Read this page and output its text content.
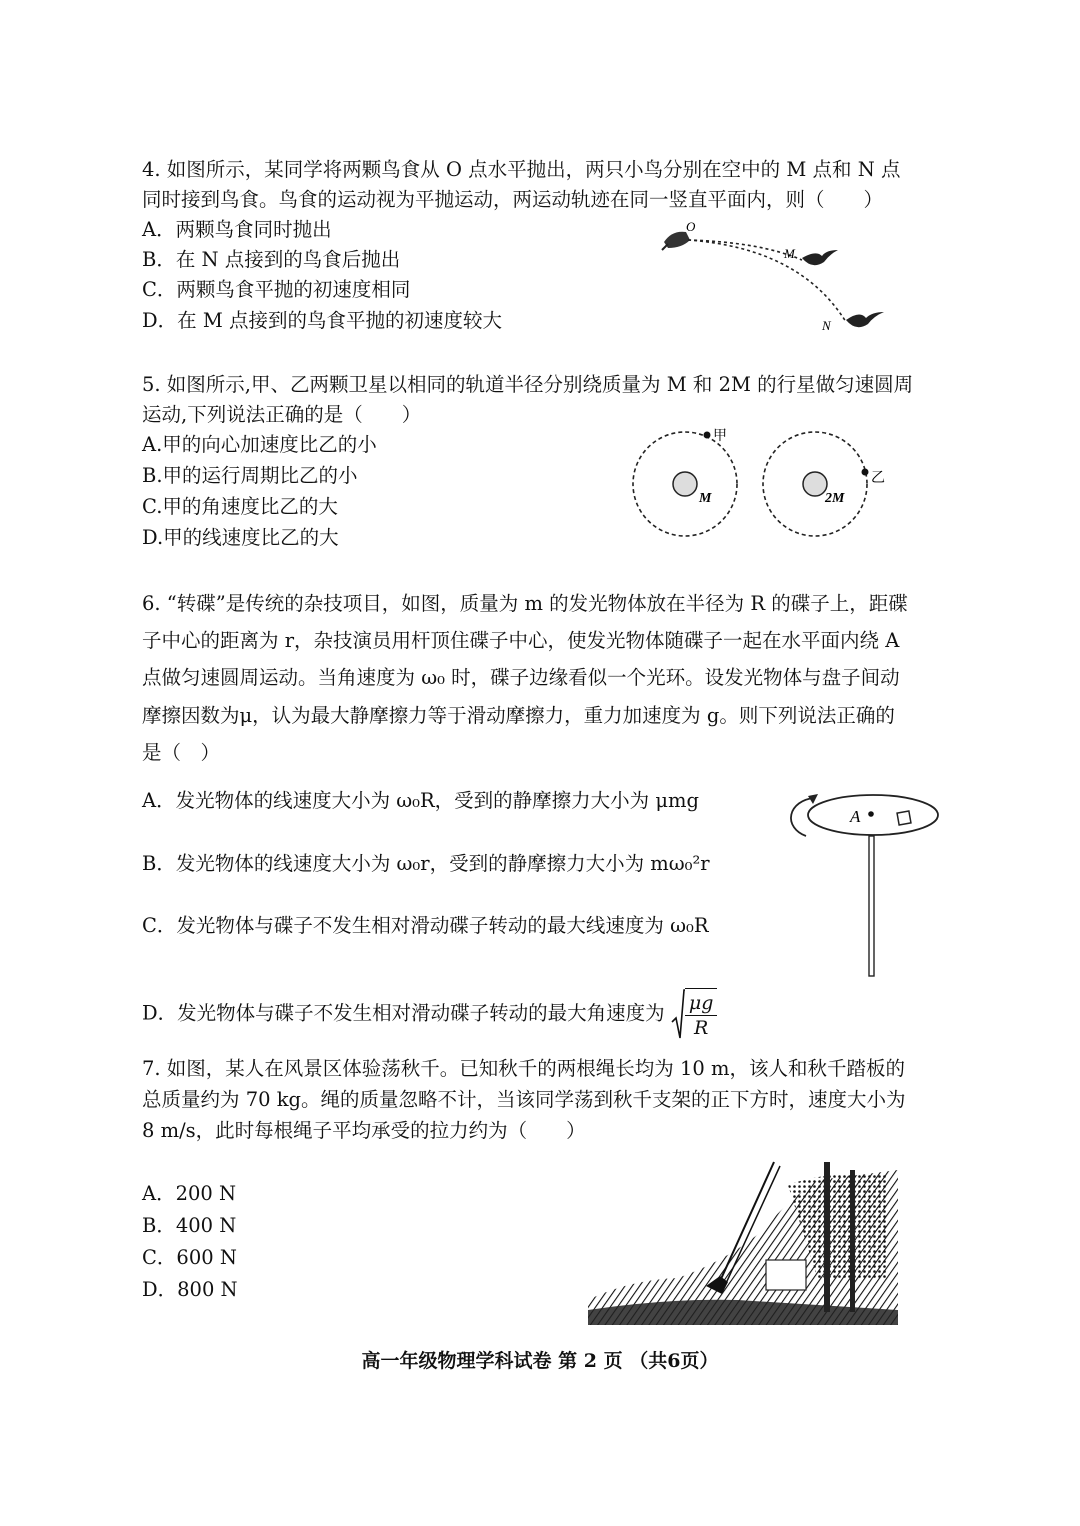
4. 如图所示，某同学将两颗鸟食从 O 点水平抛出，两只小鸟分别在空中的 M 点和 N 点
同时接到鸟食。鸟食的运动视为平抛运动，两运动轨迹在同一竖直平面内，则（　　）
A．两颗鸟食同时抛出
B．在 N 点接到的鸟食后抛出
C．两颗鸟食平抛的初速度相同
D．在 M 点接到的鸟食平抛的初速度较大
O
M
N
5. 如图所示,甲、乙两颗卫星以相同的轨道半径分别绕质量为 M 和 2M 的行星做匀速圆周
运动,下列说法正确的是（　　）
A.甲的向心加速度比乙的小
B.甲的运行周期比乙的小
C.甲的角速度比乙的大
D.甲的线速度比乙的大
M
甲
2M
乙
6. “转碟”是传统的杂技项目，如图，质量为 m 的发光物体放在半径为 R 的碟子上，距碟
子中心的距离为 r，杂技演员用杆顶住碟子中心，使发光物体随碟子一起在水平面内绕 A
点做匀速圆周运动。当角速度为 ω₀ 时，碟子边缘看似一个光环。设发光物体与盘子间动
摩擦因数为μ，认为最大静摩擦力等于滑动摩擦力，重力加速度为 g。则下列说法正确的
是（　）
A．发光物体的线速度大小为 ω₀R，受到的静摩擦力大小为 μmg
B．发光物体的线速度大小为 ω₀r，受到的静摩擦力大小为 mω₀²r
C．发光物体与碟子不发生相对滑动碟子转动的最大线速度为 ω₀R
D．发光物体与碟子不发生相对滑动碟子转动的最大角速度为 $\frac{\mu g}{R}$
A
7. 如图，某人在风景区体验荡秋千。已知秋千的两根绳长均为 10 m，该人和秋千踏板的
总质量约为 70 kg。绳的质量忽略不计，当该同学荡到秋千支架的正下方时，速度大小为
8 m/s，此时每根绳子平均承受的拉力约为（　　）
A．200 N
B．400 N
C．600 N
D．800 N
高一年级物理学科试卷 第 2 页 （共6页）
